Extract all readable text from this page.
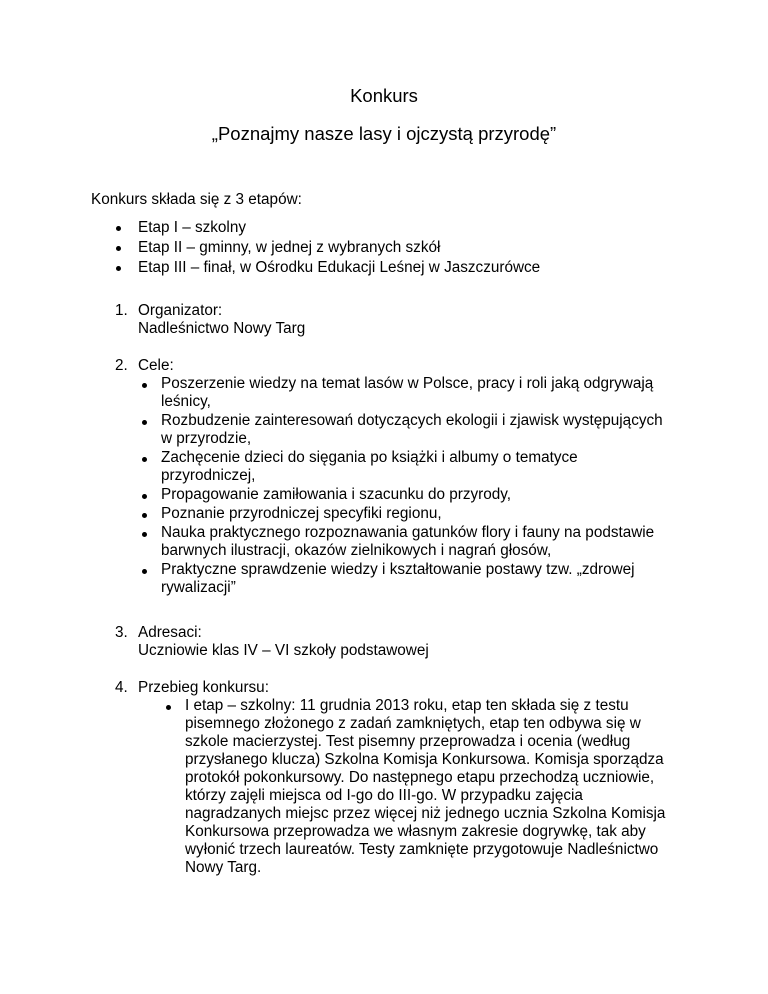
Konkurs
„Poznajmy nasze lasy i ojczystą przyrodę”
Konkurs składa się z 3 etapów:
Etap I – szkolny
Etap II – gminny, w jednej z wybranych szkół
Etap III – finał, w Ośrodku Edukacji Leśnej w Jaszczurówce
1. Organizator:
Nadleśnictwo Nowy Targ
2. Cele:
Poszerzenie wiedzy na temat lasów w Polsce, pracy i roli jaką odgrywają
leśnicy,
Rozbudzenie zainteresowań dotyczących ekologii i zjawisk występujących
w przyrodzie,
Zachęcenie dzieci do sięgania po książki i albumy o tematyce
przyrodniczej,
Propagowanie zamiłowania i szacunku do przyrody,
Poznanie przyrodniczej specyfiki regionu,
Nauka praktycznego rozpoznawania gatunków flory i fauny na podstawie
barwnych ilustracji, okazów zielnikowych i nagrań głosów,
Praktyczne sprawdzenie wiedzy i kształtowanie postawy tzw. „zdrowej
rywalizacji”
3. Adresaci:
Uczniowie klas IV – VI szkoły podstawowej
4. Przebieg konkursu:
I etap – szkolny: 11 grudnia 2013 roku, etap ten składa się z testu
pisemnego złożonego z zadań zamkniętych, etap ten odbywa się w
szkole macierzystej. Test pisemny przeprowadza i ocenia (według
przysłanego klucza) Szkolna Komisja Konkursowa. Komisja sporządza
protokół pokonkursowy. Do następnego etapu przechodzą uczniowie,
którzy zajęli miejsca od I-go do III-go. W przypadku zajęcia
nagradzanych miejsc przez więcej niż jednego ucznia Szkolna Komisja
Konkursowa przeprowadza we własnym zakresie dogrywkę, tak aby
wyłonić trzech laureatów. Testy zamknięte przygotowuje Nadleśnictwo
Nowy Targ.
